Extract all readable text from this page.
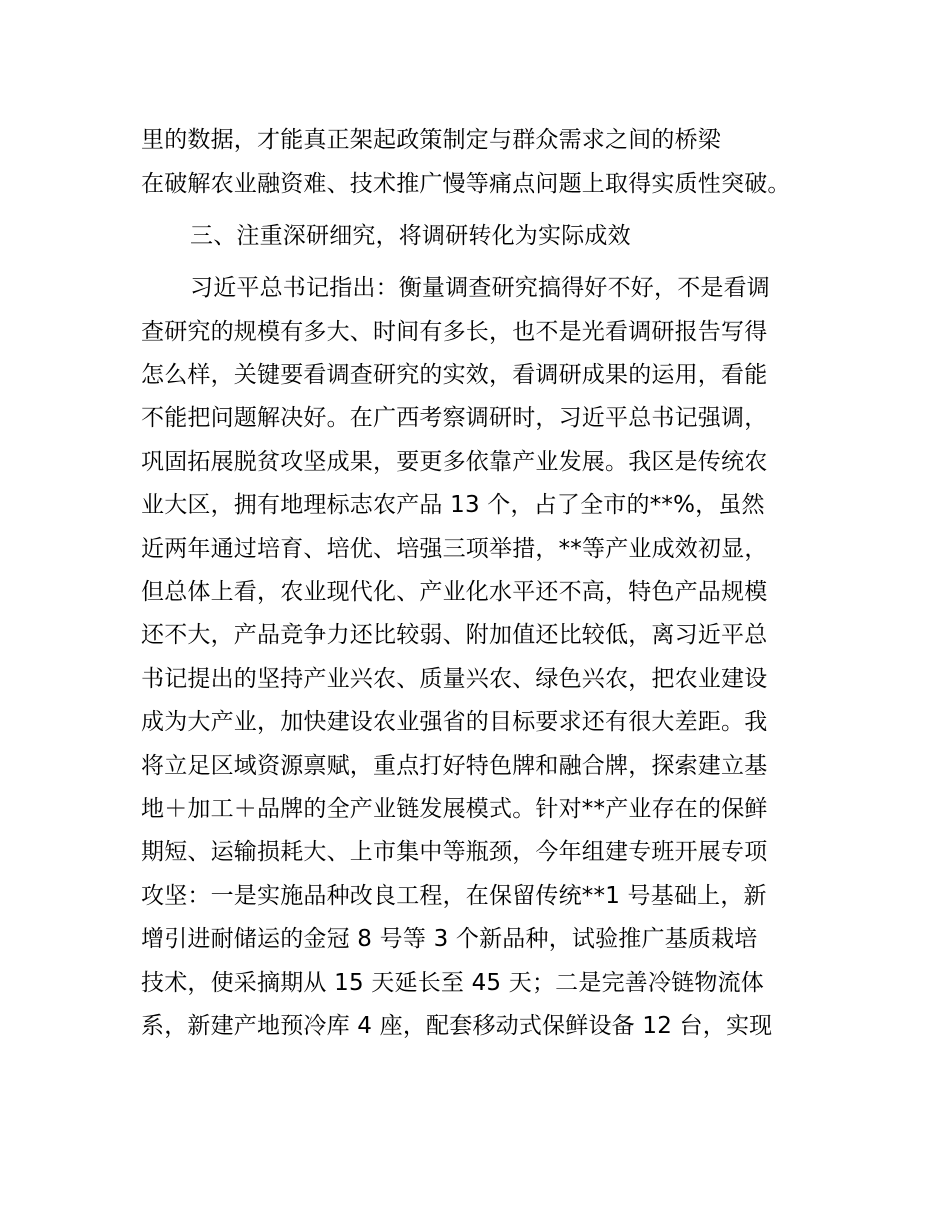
里的数据，才能真正架起政策制定与群众需求之间的桥梁
在破解农业融资难、技术推广慢等痛点问题上取得实质性突破。
三、注重深研细究，将调研转化为实际成效
习近平总书记指出：衡量调查研究搞得好不好，不是看调
查研究的规模有多大、时间有多长，也不是光看调研报告写得
怎么样，关键要看调查研究的实效，看调研成果的运用，看能
不能把问题解决好。在广西考察调研时，习近平总书记强调，
巩固拓展脱贫攻坚成果，要更多依靠产业发展。我区是传统农
业大区，拥有地理标志农产品 13 个，占了全市的**%，虽然
近两年通过培育、培优、培强三项举措，**等产业成效初显，
但总体上看，农业现代化、产业化水平还不高，特色产品规模
还不大，产品竞争力还比较弱、附加值还比较低，离习近平总
书记提出的坚持产业兴农、质量兴农、绿色兴农，把农业建设
成为大产业，加快建设农业强省的目标要求还有很大差距。我
将立足区域资源禀赋，重点打好特色牌和融合牌，探索建立基
地＋加工＋品牌的全产业链发展模式。针对**产业存在的保鲜
期短、运输损耗大、上市集中等瓶颈，今年组建专班开展专项
攻坚：一是实施品种改良工程，在保留传统**1 号基础上，新
增引进耐储运的金冠 8 号等 3 个新品种，试验推广基质栽培
技术，使采摘期从 15 天延长至 45 天；二是完善冷链物流体
系，新建产地预冷库 4 座，配套移动式保鲜设备 12 台，实现
